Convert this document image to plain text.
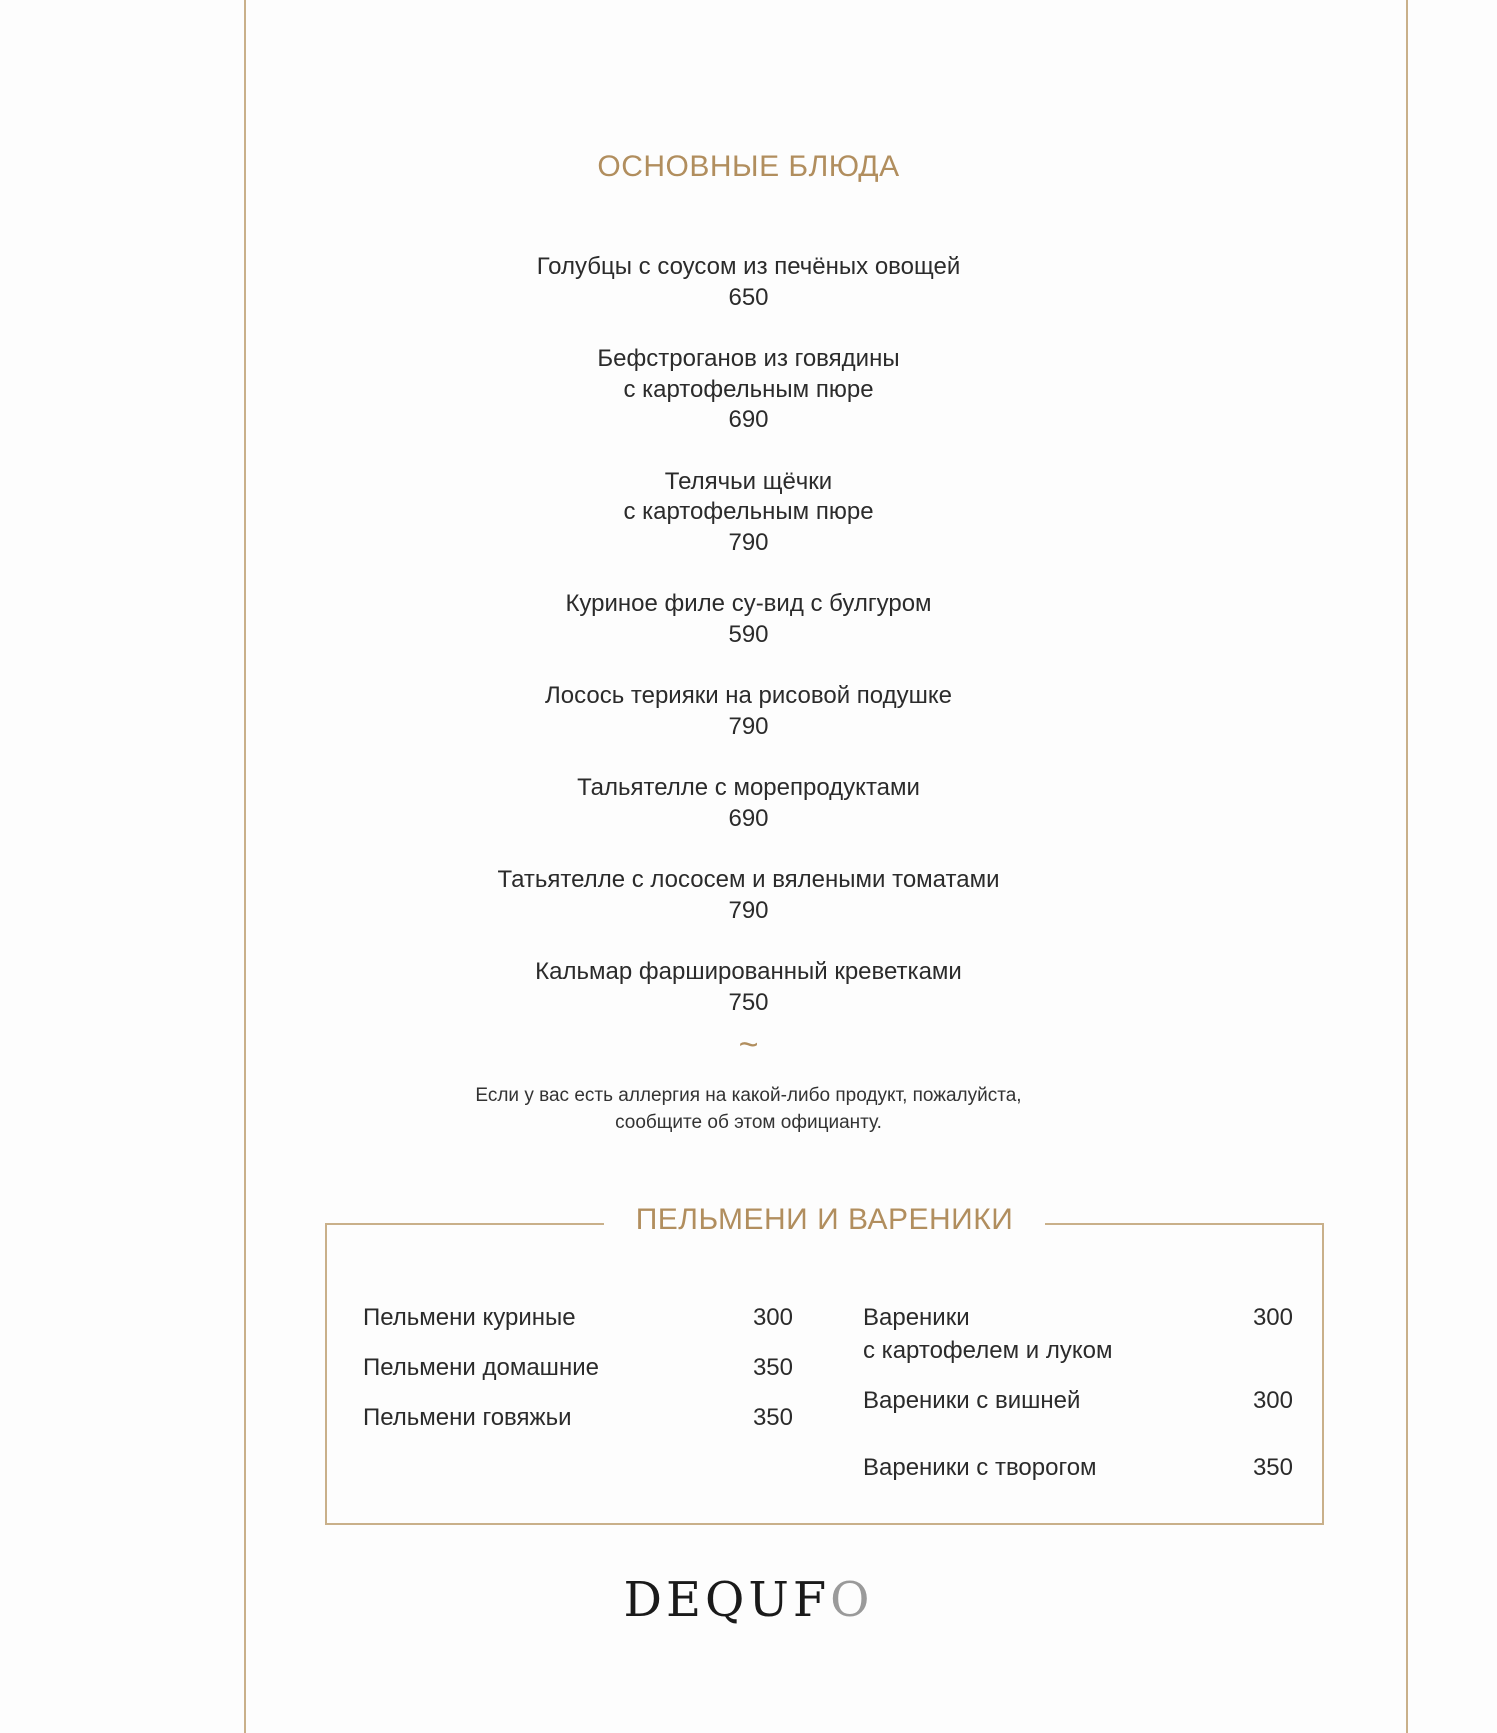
ОСНОВНЫЕ БЛЮДА
Голубцы с соусом из печёных овощей
650
Бефстроганов из говядины
с картофельным пюре
690
Телячьи щёчки
с картофельным пюре
790
Куриное филе су-вид с булгуром
590
Лосось терияки на рисовой подушке
790
Тальятелле с морепродуктами
690
Татьятелле с лососем и вялеными томатами
790
Кальмар фаршированный креветками
750
~
Если у вас есть аллергия на какой-либо продукт, пожалуйста,
сообщите об этом официанту.
ПЕЛЬМЕНИ И ВАРЕНИКИ
Пельмени куриные	300
Пельмени домашние	350
Пельмени говяжьи	350
Вареники
с картофелем и луком
300
Вареники с вишней	300
Вареники с творогом	350
DEQUFO
